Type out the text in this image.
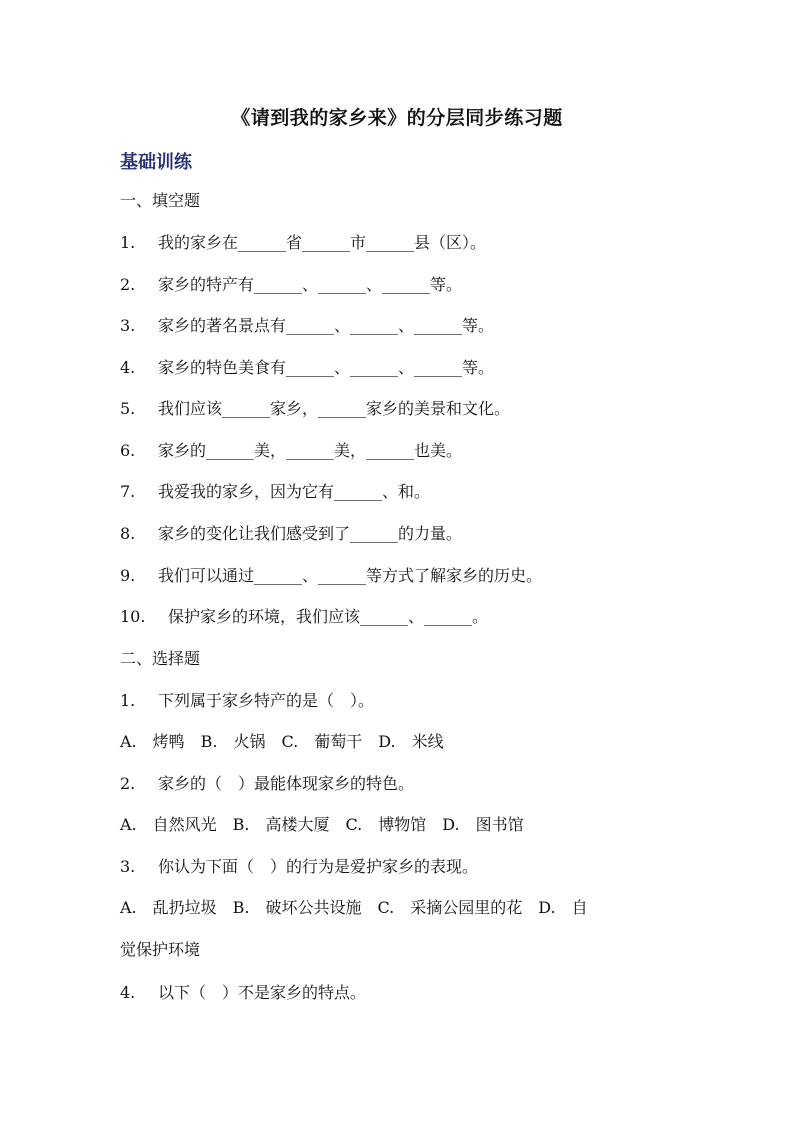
《请到我的家乡来》的分层同步练习题
基础训练
一、填空题
1. 我的家乡在______省______市______县（区）。
2. 家乡的特产有______、______、______等。
3. 家乡的著名景点有______、______、______等。
4. 家乡的特色美食有______、______、______等。
5. 我们应该______家乡，______家乡的美景和文化。
6. 家乡的______美，______美，______也美。
7. 我爱我的家乡，因为它有______、和。
8. 家乡的变化让我们感受到了______的力量。
9. 我们可以通过______、______等方式了解家乡的历史。
10. 保护家乡的环境，我们应该______、______。
二、选择题
1. 下列属于家乡特产的是（　）。
A.　烤鸭　B.　火锅　C.　葡萄干　D.　米线
2. 家乡的（　）最能体现家乡的特色。
A.　自然风光　B.　高楼大厦　C.　博物馆　D.　图书馆
3. 你认为下面（　）的行为是爱护家乡的表现。
A.　乱扔垃圾　B.　破坏公共设施　C.　采摘公园里的花　D.　自
觉保护环境
4. 以下（　）不是家乡的特点。
